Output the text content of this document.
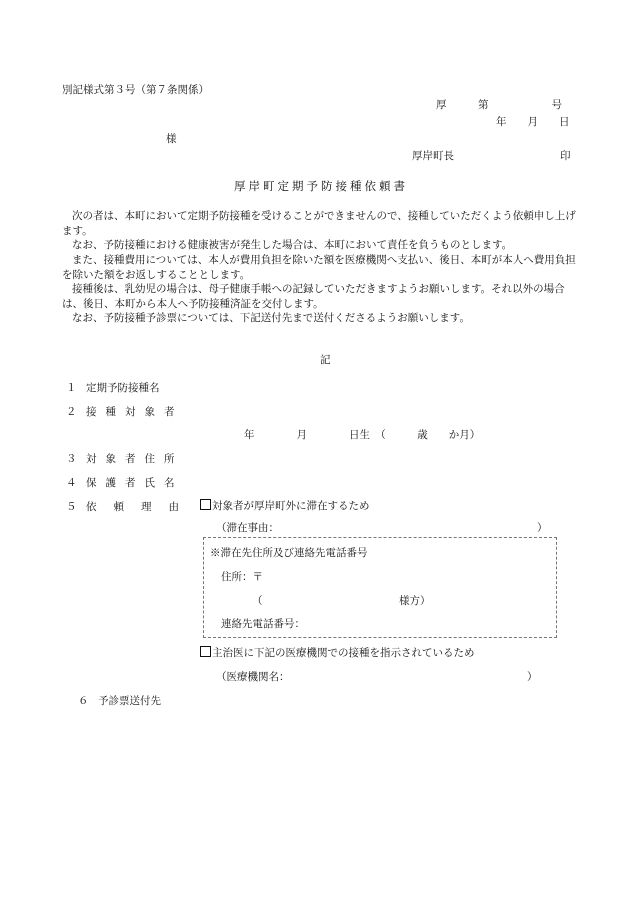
別記様式第３号（第７条関係）
厚　　　第　　　　　　号
年　　月　　日
様
厚岸町長	印
厚岸町定期予防接種依頼書
次の者は、本町において定期予防接種を受けることができませんので、接種していただくよう依頼申し上げます。
なお、予防接種における健康被害が発生した場合は、本町において責任を負うものとします。
また、接種費用については、本人が費用負担を除いた額を医療機関へ支払い、後日、本町が本人へ費用負担を除いた額をお返しすることとします。
接種後は、乳幼児の場合は、母子健康手帳への記録していただきますようお願いします。それ以外の場合は、後日、本町から本人へ予防接種済証を交付します。
なお、予防接種予診票については、下記送付先まで送付くださるようお願いします。
記
１ 定期予防接種名
２ 接種対象者
年　　　　月　　　　日生　（　　　歳　　か月）
３ 対象者住所
４ 保護者氏名
５ 依頼理由	対象者が厚岸町外に滞在するため
（滞在事由：	）
※滞在先住所及び連絡先電話番号
住所：〒
（　　　　　　　　　　　　　様方）
連絡先電話番号：
主治医に下記の医療機関での接種を指示されているため
（医療機関名：	）
６ 予診票送付先
